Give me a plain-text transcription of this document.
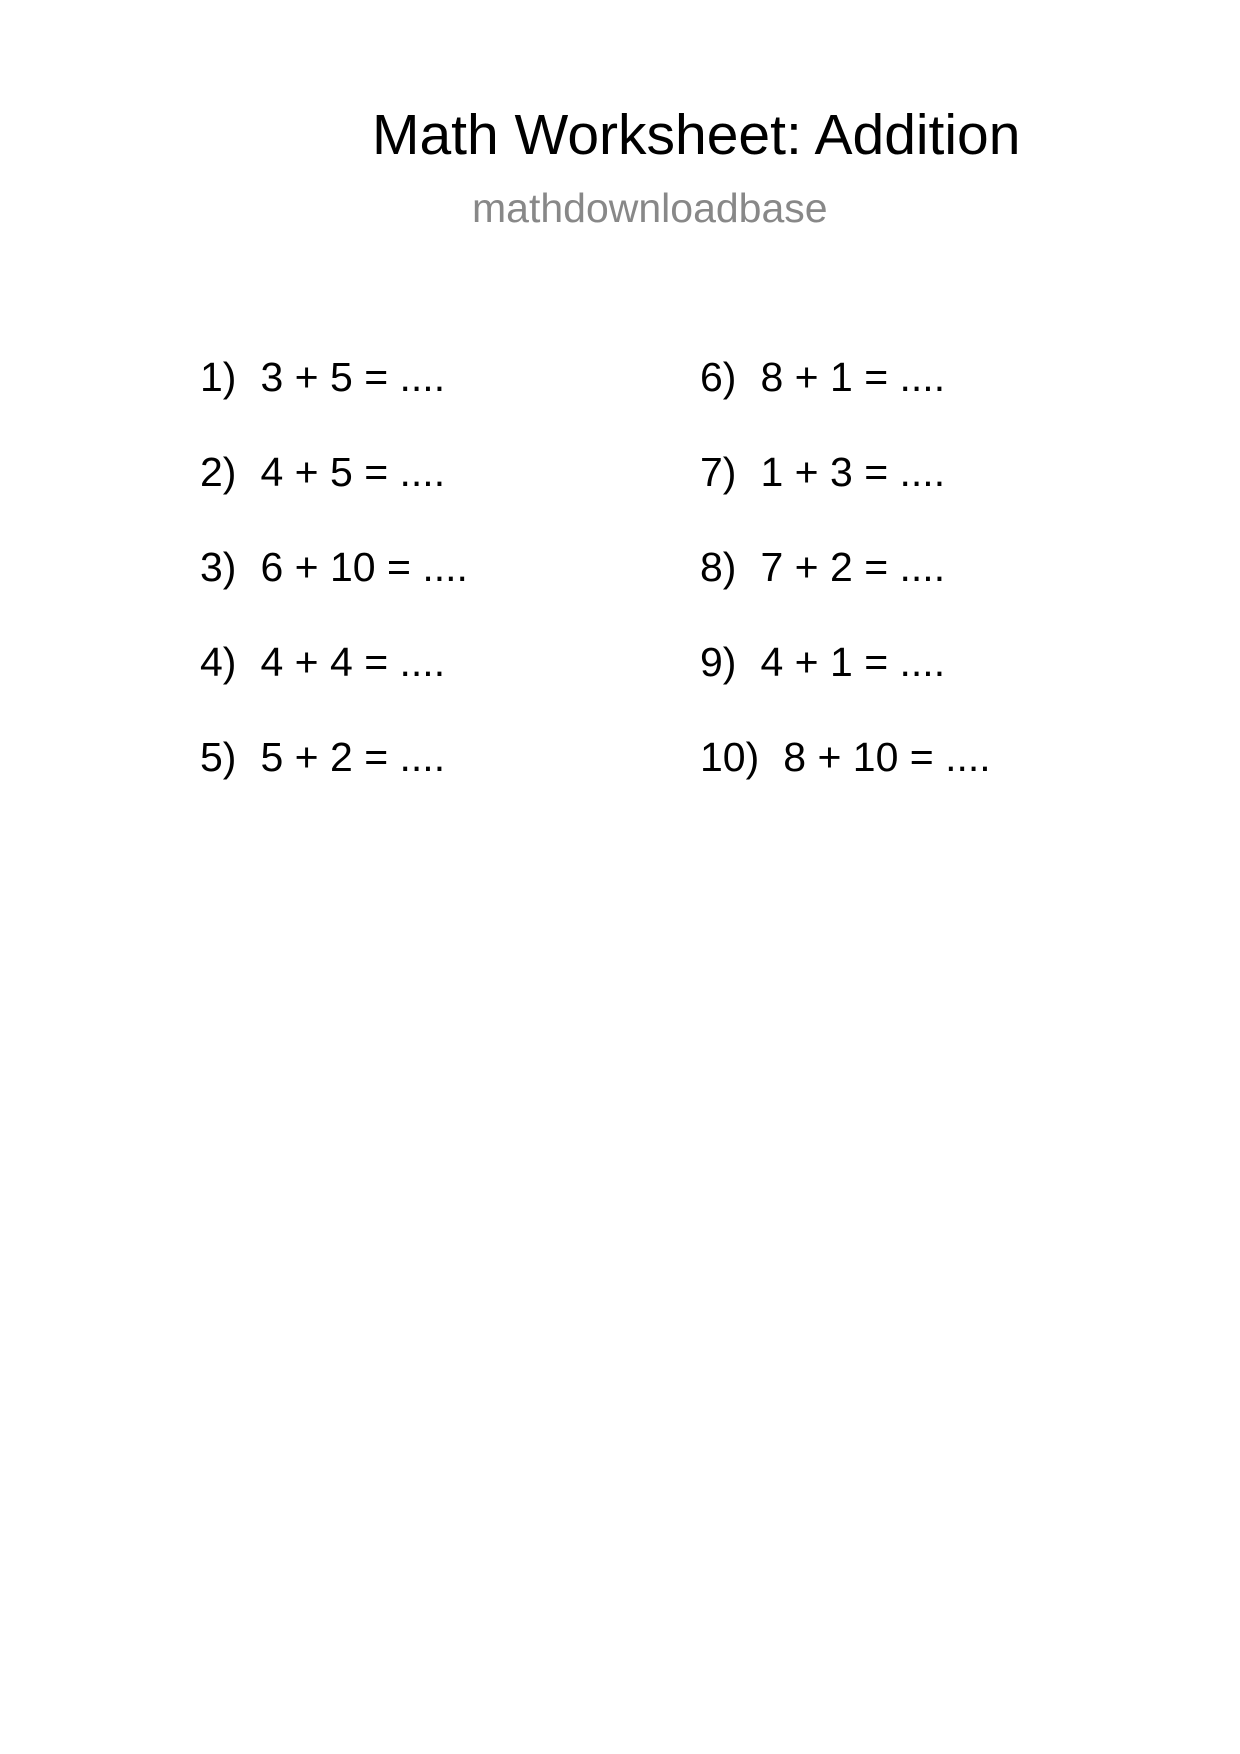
Math Worksheet: Addition
mathdownloadbase
1) 3 + 5 = ....
2) 4 + 5 = ....
3) 6 + 10 = ....
4) 4 + 4 = ....
5) 5 + 2 = ....
6) 8 + 1 = ....
7) 1 + 3 = ....
8) 7 + 2 = ....
9) 4 + 1 = ....
10) 8 + 10 = ....
